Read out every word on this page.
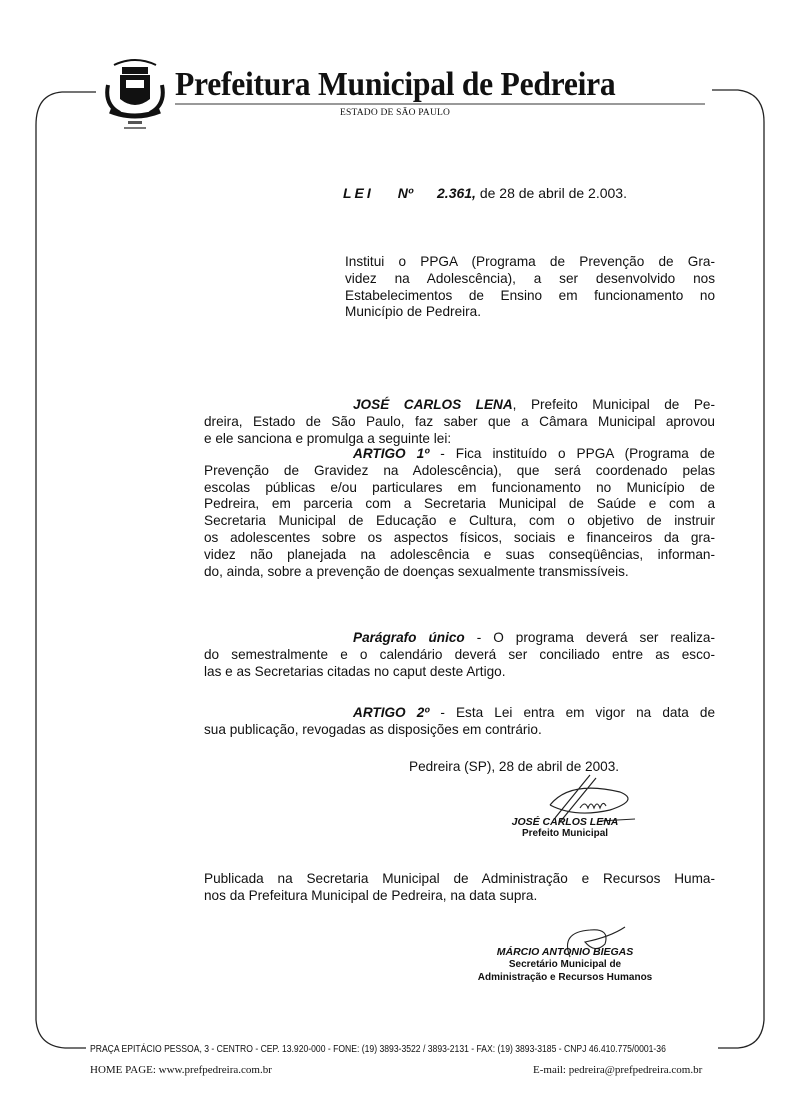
Prefeitura Municipal de Pedreira
ESTADO DE SÃO PAULO
LEI Nº 2.361, de 28 de abril de 2.003.
Institui o PPGA (Programa de Prevenção de Gra-
videz na Adolescência), a ser desenvolvido nos
Estabelecimentos de Ensino em funcionamento no
Município de Pedreira.
JOSÉ CARLOS LENA, Prefeito Municipal de Pe-
dreira, Estado de São Paulo, faz saber que a Câmara Municipal aprovou
e ele sanciona e promulga a seguinte lei:
ARTIGO 1º - Fica instituído o PPGA (Programa de
Prevenção de Gravidez na Adolescência), que será coordenado pelas
escolas públicas e/ou particulares em funcionamento no Município de
Pedreira, em parceria com a Secretaria Municipal de Saúde e com a
Secretaria Municipal de Educação e Cultura, com o objetivo de instruir
os adolescentes sobre os aspectos físicos, sociais e financeiros da gra-
videz não planejada na adolescência e suas conseqüências, informan-
do, ainda, sobre a prevenção de doenças sexualmente transmissíveis.
Parágrafo único - O programa deverá ser realiza-
do semestralmente e o calendário deverá ser conciliado entre as esco-
las e as Secretarias citadas no caput deste Artigo.
ARTIGO 2º - Esta Lei entra em vigor na data de
sua publicação, revogadas as disposições em contrário.
Pedreira (SP), 28 de abril de 2003.
JOSÉ CARLOS LENA
Prefeito Municipal
Publicada na Secretaria Municipal de Administração e Recursos Huma-
nos da Prefeitura Municipal de Pedreira, na data supra.
MÁRCIO ANTONIO BIEGAS
Secretário Municipal de
Administração e Recursos Humanos
PRAÇA EPITÁCIO PESSOA, 3 - CENTRO - CEP. 13.920-000 - FONE: (19) 3893-3522 / 3893-2131 - FAX: (19) 3893-3185 - CNPJ 46.410.775/0001-36
HOME PAGE: www.prefpedreira.com.br	E-mail: pedreira@prefpedreira.com.br
